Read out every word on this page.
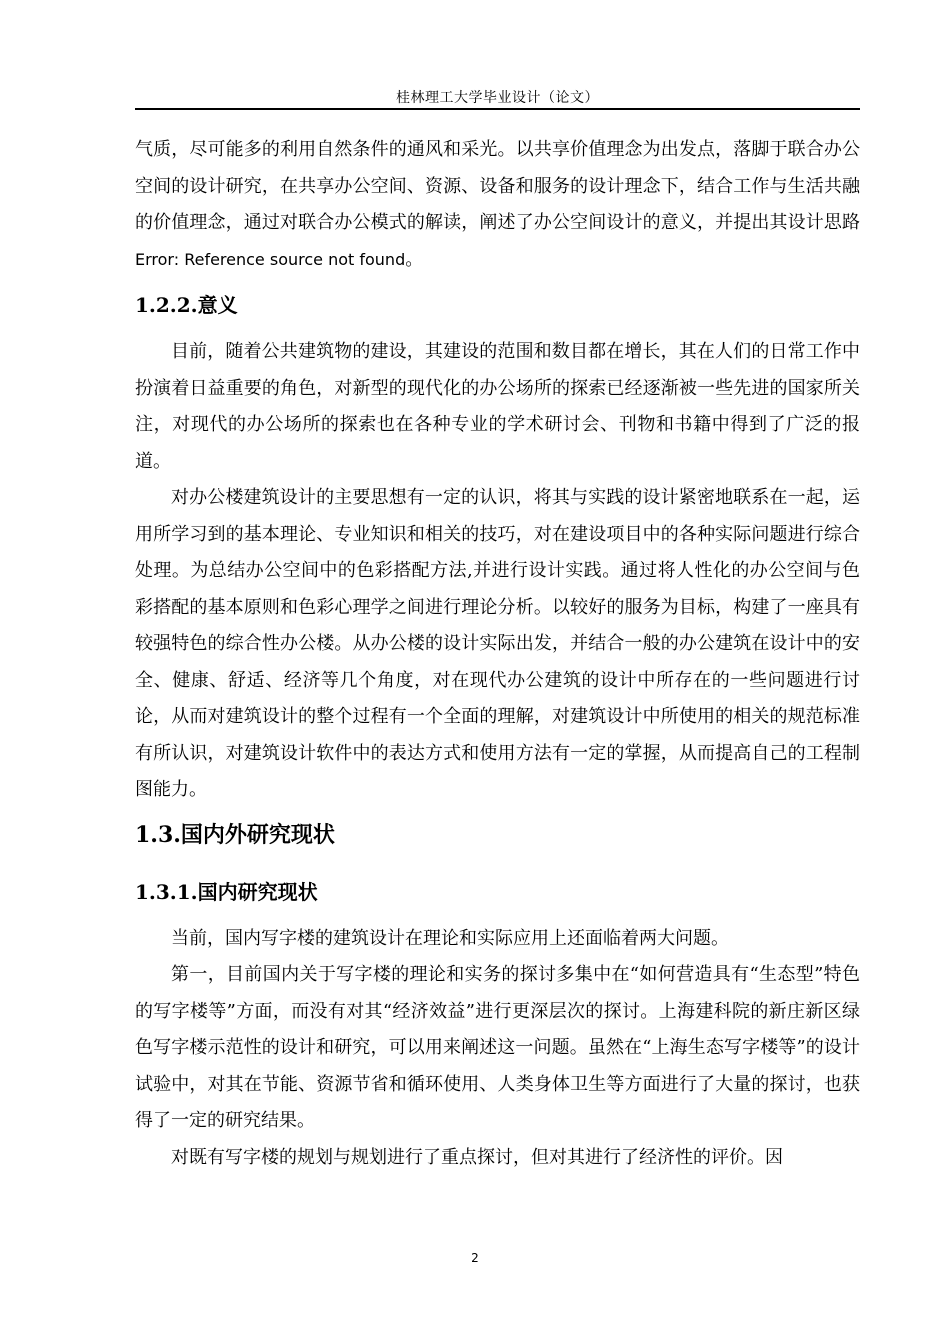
桂林理工大学毕业设计（论文）

气质，尽可能多的利用自然条件的通风和采光。以共享价值理念为出发点，落脚于联合办公空间的设计研究，在共享办公空间、资源、设备和服务的设计理念下，结合工作与生活共融的价值理念，通过对联合办公模式的解读，阐述了办公空间设计的意义，并提出其设计思路 Error: Reference source not found。

1.2.2.意义

目前，随着公共建筑物的建设，其建设的范围和数目都在增长，其在人们的日常工作中扮演着日益重要的角色，对新型的现代化的办公场所的探索已经逐渐被一些先进的国家所关注，对现代的办公场所的探索也在各种专业的学术研讨会、刊物和书籍中得到了广泛的报道。

对办公楼建筑设计的主要思想有一定的认识，将其与实践的设计紧密地联系在一起，运用所学习到的基本理论、专业知识和相关的技巧，对在建设项目中的各种实际问题进行综合处理。为总结办公空间中的色彩搭配方法,并进行设计实践。通过将人性化的办公空间与色彩搭配的基本原则和色彩心理学之间进行理论分析。以较好的服务为目标，构建了一座具有较强特色的综合性办公楼。从办公楼的设计实际出发，并结合一般的办公建筑在设计中的安全、健康、舒适、经济等几个角度，对在现代办公建筑的设计中所存在的一些问题进行讨论，从而对建筑设计的整个过程有一个全面的理解，对建筑设计中所使用的相关的规范标准有所认识，对建筑设计软件中的表达方式和使用方法有一定的掌握，从而提高自己的工程制图能力。

1.3.国内外研究现状
1.3.1.国内研究现状

当前，国内写字楼的建筑设计在理论和实际应用上还面临着两大问题。

第一，目前国内关于写字楼的理论和实务的探讨多集中在“如何营造具有“生态型”特色的写字楼等”方面，而没有对其“经济效益”进行更深层次的探讨。上海建科院的新庄新区绿色写字楼示范性的设计和研究，可以用来阐述这一问题。虽然在“上海生态写字楼等”的设计试验中，对其在节能、资源节省和循环使用、人类身体卫生等方面进行了大量的探讨，也获得了一定的研究结果。

对既有写字楼的规划与规划进行了重点探讨，但对其进行了经济性的评价。因

2
